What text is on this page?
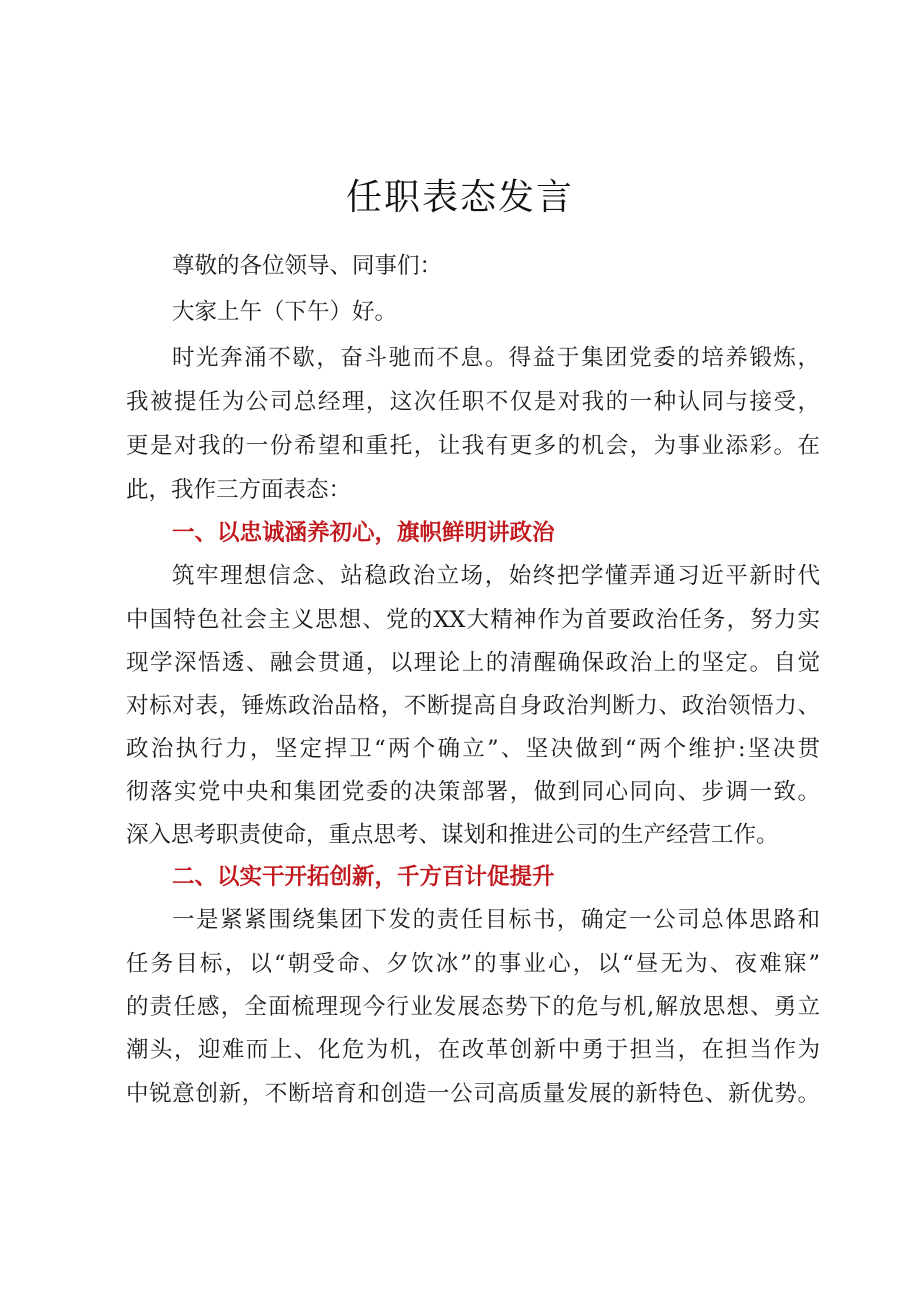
任职表态发言
尊敬的各位领导、同事们：
大家上午（下午）好。
时光奔涌不歇，奋斗驰而不息。得益于集团党委的培养锻炼，
我被提任为公司总经理，这次任职不仅是对我的一种认同与接受，
更是对我的一份希望和重托，让我有更多的机会，为事业添彩。在
此，我作三方面表态：
一、以忠诚涵养初心，旗帜鲜明讲政治
筑牢理想信念、站稳政治立场，始终把学懂弄通习近平新时代
中国特色社会主义思想、党的XX大精神作为首要政治任务，努力实
现学深悟透、融会贯通，以理论上的清醒确保政治上的坚定。自觉
对标对表，锤炼政治品格，不断提高自身政治判断力、政治领悟力、
政治执行力，坚定捍卫“两个确立”、坚决做到“两个维护:坚决贯
彻落实党中央和集团党委的决策部署，做到同心同向、步调一致。
深入思考职责使命，重点思考、谋划和推进公司的生产经营工作。
二、以实干开拓创新，千方百计促提升
一是紧紧围绕集团下发的责任目标书，确定一公司总体思路和
任务目标，以“朝受命、夕饮冰”的事业心，以“昼无为、夜难寐”
的责任感，全面梳理现今行业发展态势下的危与机,解放思想、勇立
潮头，迎难而上、化危为机，在改革创新中勇于担当，在担当作为
中锐意创新，不断培育和创造一公司高质量发展的新特色、新优势。
